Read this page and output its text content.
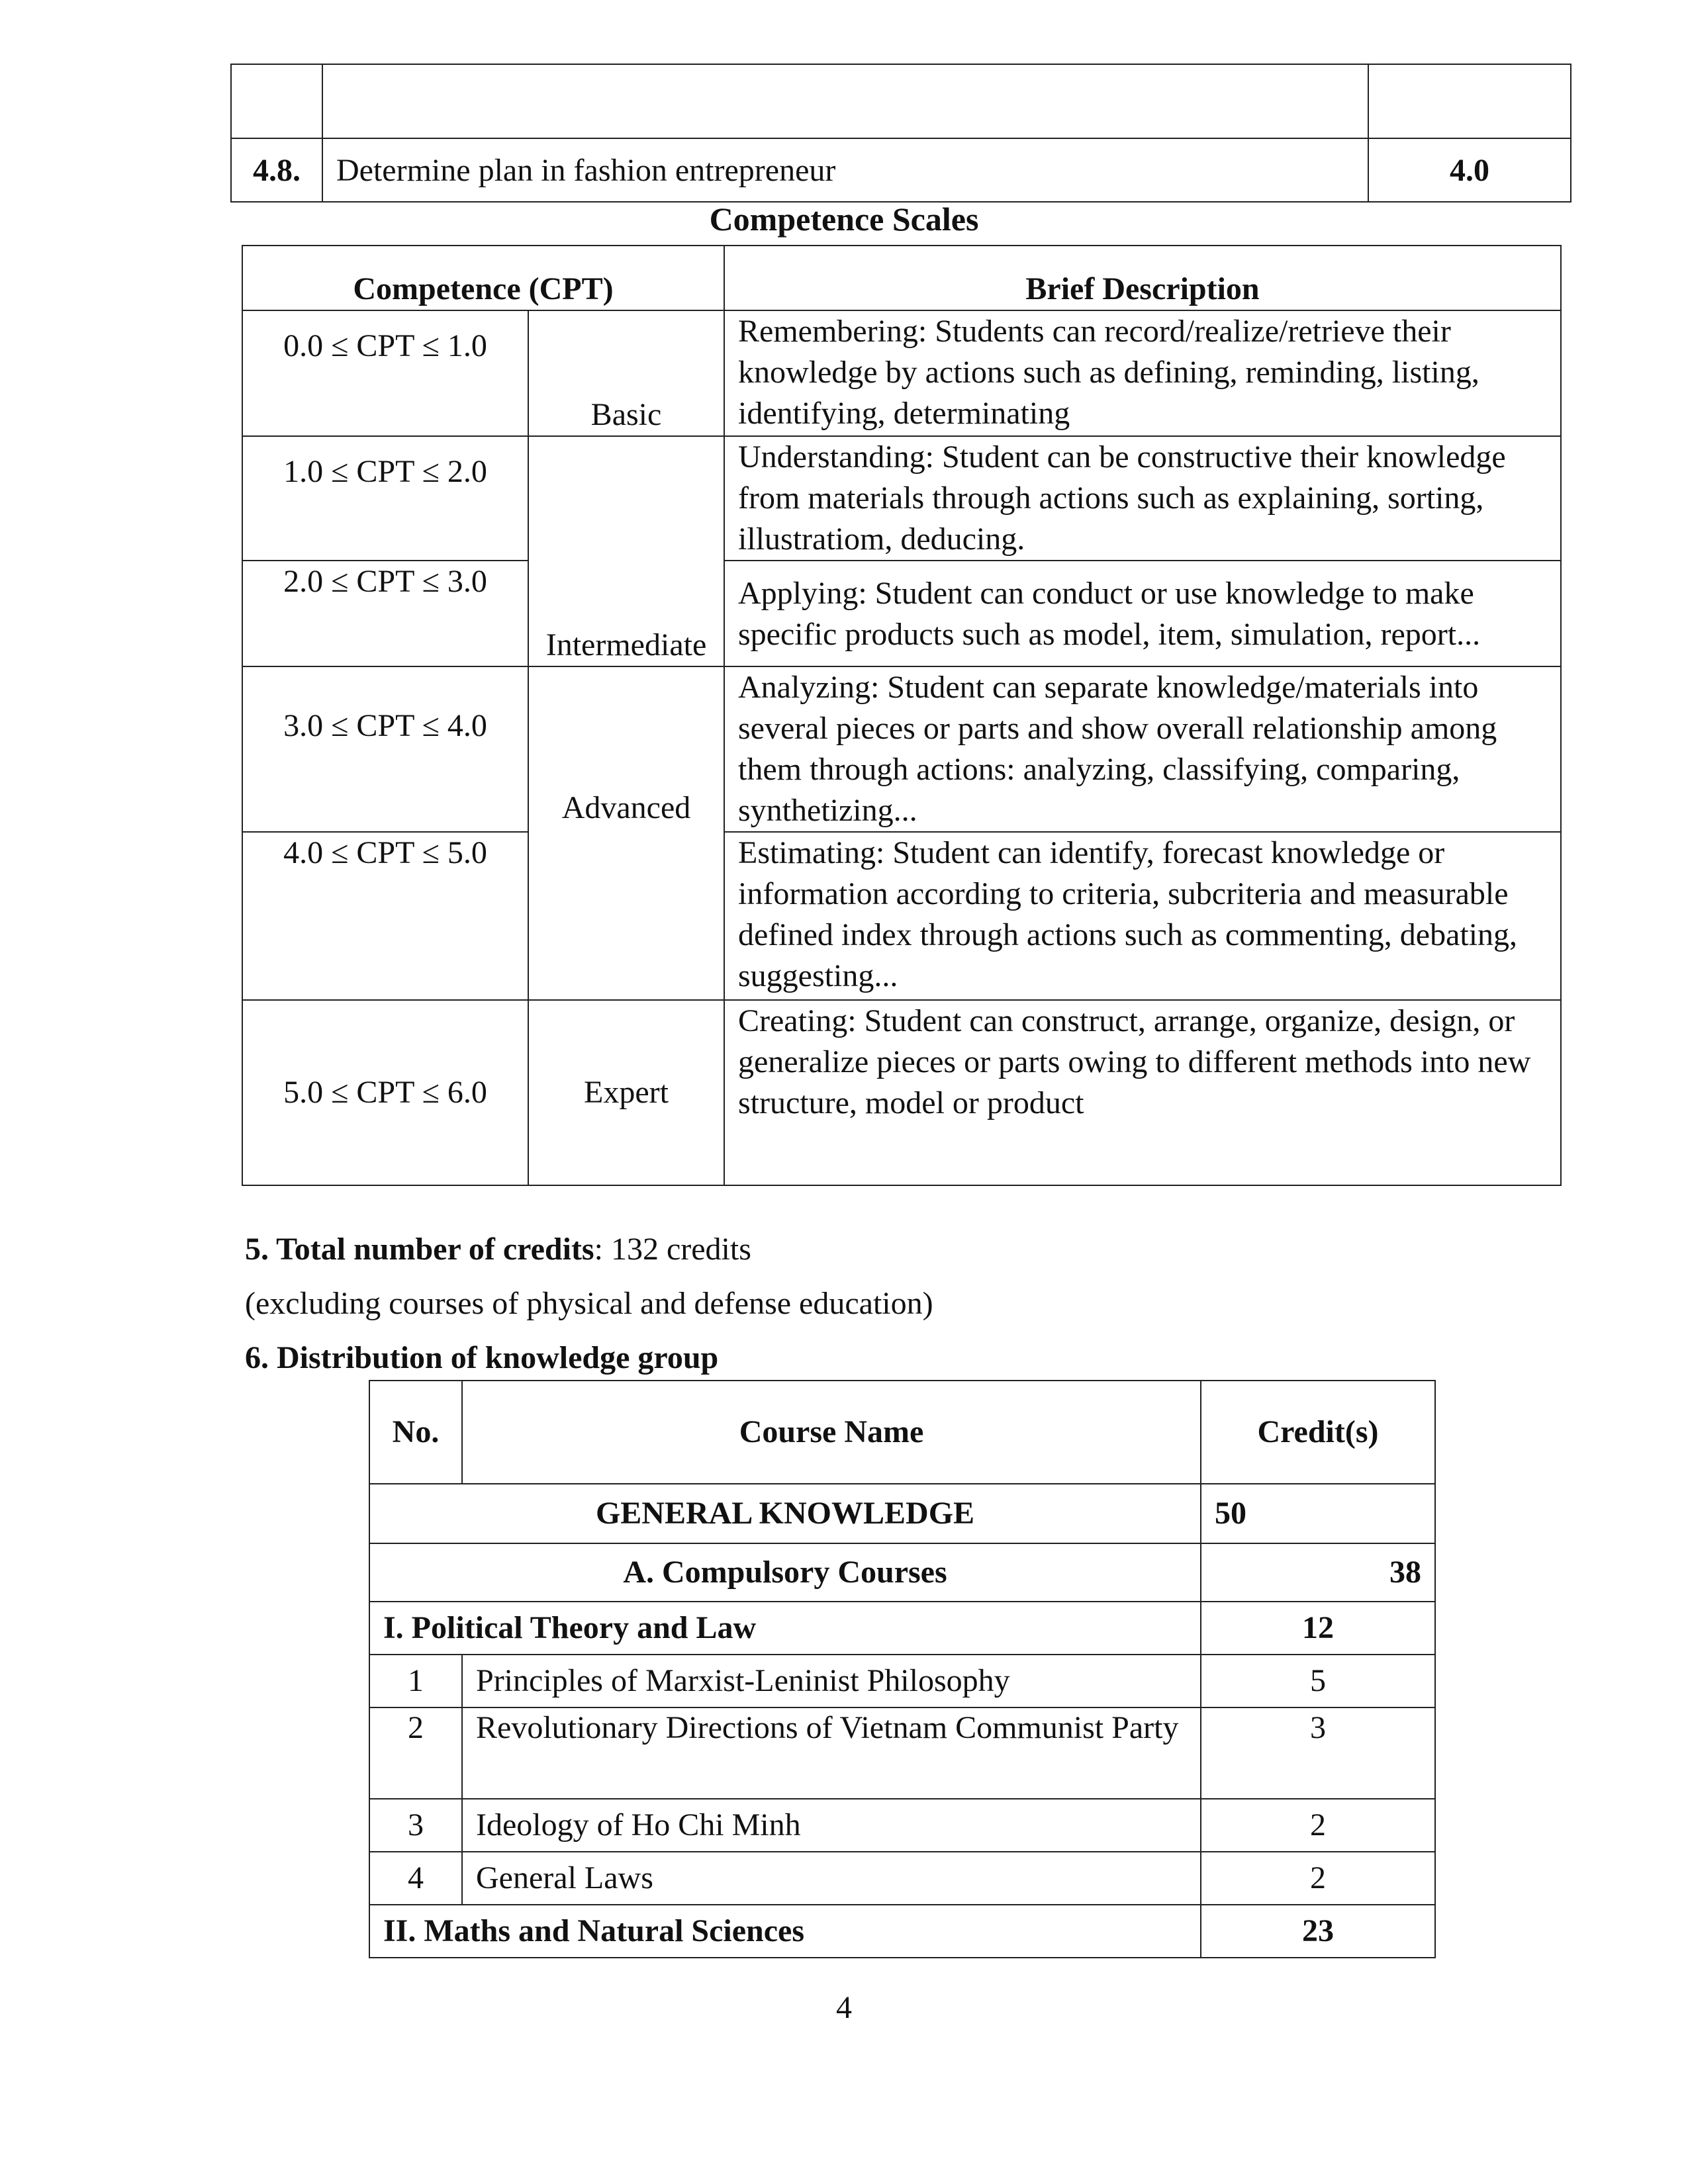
4.8.	Determine plan in fashion entrepreneur	4.0
Competence Scales
Competence (CPT)		Brief Description
0.0 ≤ CPT ≤ 1.0	Basic	Remembering: Students can record/realize/retrieve their knowledge by actions such as defining, reminding, listing, identifying, determinating
1.0 ≤ CPT ≤ 2.0	Intermediate	Understanding: Student can be constructive their knowledge from materials through actions such as explaining, sorting, illustratiom, deducing.
2.0 ≤ CPT ≤ 3.0		Applying: Student can conduct or use knowledge to make specific products such as model, item, simulation, report...
3.0 ≤ CPT ≤ 4.0	Advanced	Analyzing: Student can separate knowledge/materials into several pieces or parts and show overall relationship among them through actions: analyzing, classifying, comparing, synthetizing...
4.0 ≤ CPT ≤ 5.0		Estimating: Student can identify, forecast knowledge or information according to criteria, subcriteria and measurable defined index through actions such as commenting, debating, suggesting...
5.0 ≤ CPT ≤ 6.0	Expert	Creating: Student can construct, arrange, organize, design, or generalize pieces or parts owing to different methods into new structure, model or product
5. Total number of credits: 132 credits
(excluding courses of physical and defense education)
6. Distribution of knowledge group
No.	Course Name	Credit(s)
GENERAL KNOWLEDGE		50
A. Compulsory Courses		38
I. Political Theory and Law		12
1	Principles of Marxist-Leninist Philosophy	5
2	Revolutionary Directions of Vietnam Communist Party	3
3	Ideology of Ho Chi Minh	2
4	General Laws	2
II. Maths and Natural Sciences		23
4
